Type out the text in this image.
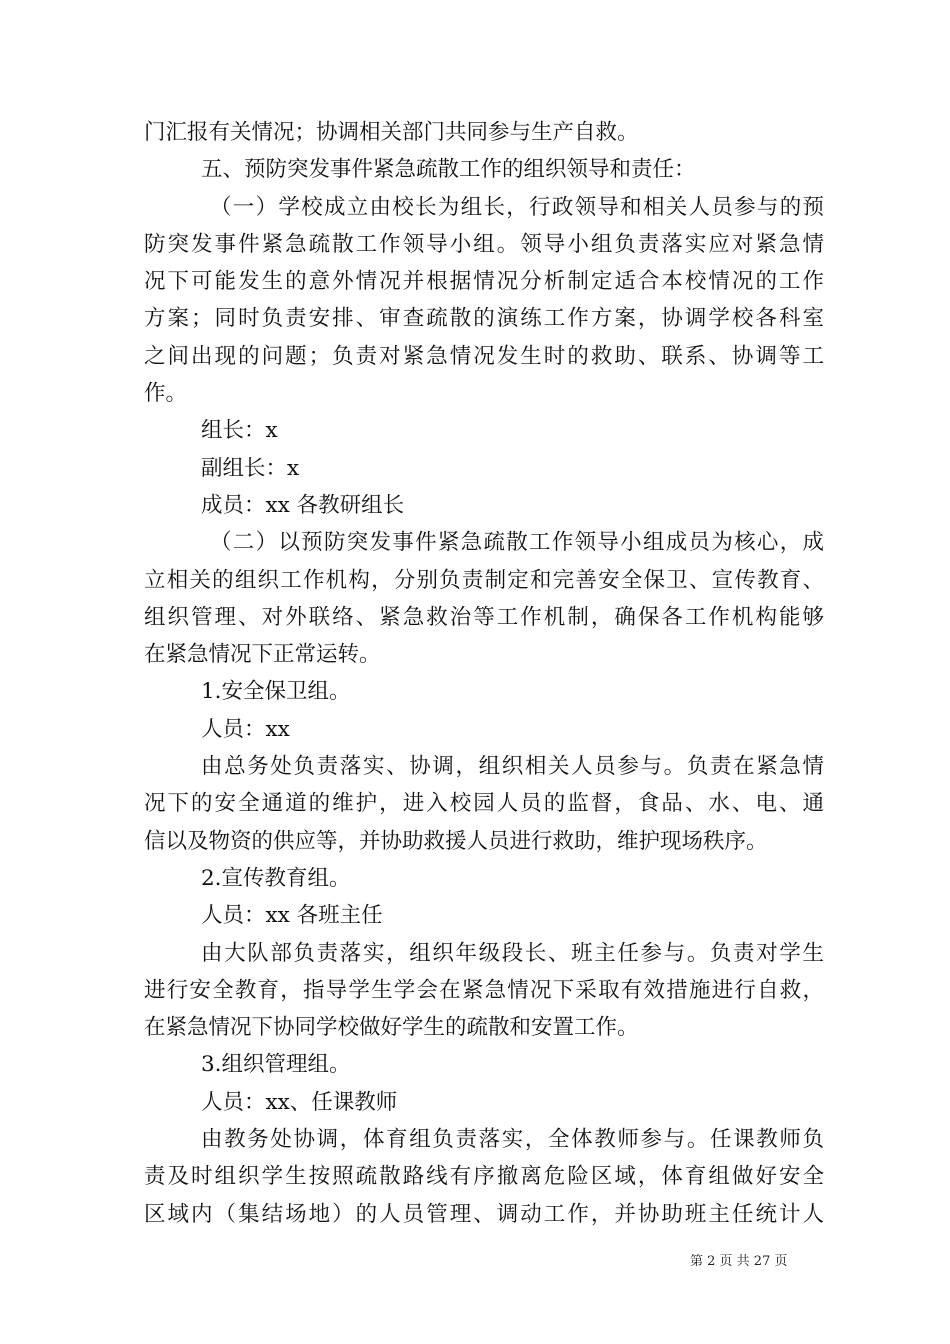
门汇报有关情况；协调相关部门共同参与生产自救。
五、预防突发事件紧急疏散工作的组织领导和责任：
（一）学校成立由校长为组长，行政领导和相关人员参与的预
防突发事件紧急疏散工作领导小组。领导小组负责落实应对紧急情
况下可能发生的意外情况并根据情况分析制定适合本校情况的工作
方案；同时负责安排、审查疏散的演练工作方案，协调学校各科室
之间出现的问题；负责对紧急情况发生时的救助、联系、协调等工
作。
组长：x
副组长：x
成员：xx 各教研组长
（二）以预防突发事件紧急疏散工作领导小组成员为核心，成
立相关的组织工作机构，分别负责制定和完善安全保卫、宣传教育、
组织管理、对外联络、紧急救治等工作机制，确保各工作机构能够
在紧急情况下正常运转。
1.安全保卫组。
人员：xx
由总务处负责落实、协调，组织相关人员参与。负责在紧急情
况下的安全通道的维护，进入校园人员的监督，食品、水、电、通
信以及物资的供应等，并协助救援人员进行救助，维护现场秩序。
2.宣传教育组。
人员：xx 各班主任
由大队部负责落实，组织年级段长、班主任参与。负责对学生
进行安全教育，指导学生学会在紧急情况下采取有效措施进行自救，
在紧急情况下协同学校做好学生的疏散和安置工作。
3.组织管理组。
人员：xx、任课教师
由教务处协调，体育组负责落实，全体教师参与。任课教师负
责及时组织学生按照疏散路线有序撤离危险区域，体育组做好安全
区域内（集结场地）的人员管理、调动工作，并协助班主任统计人
第 2 页 共 27 页
